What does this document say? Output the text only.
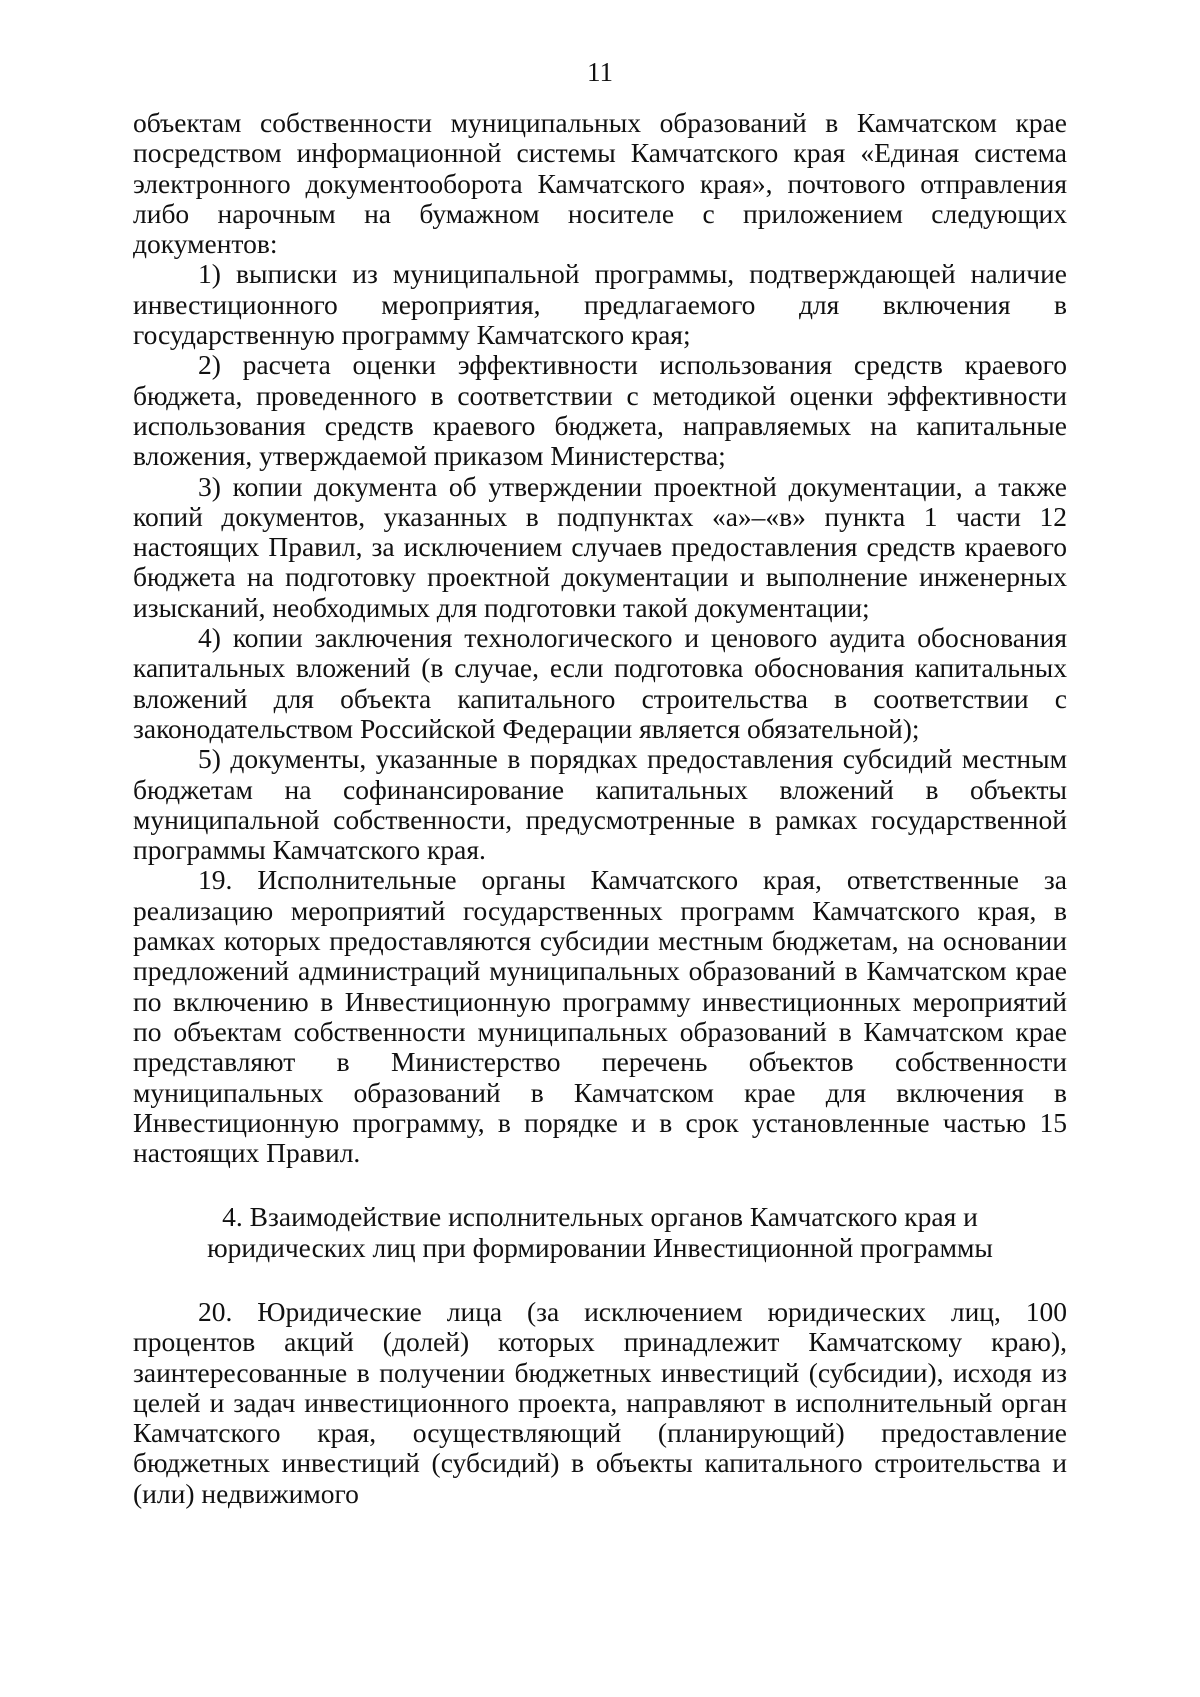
11

объектам собственности муниципальных образований в Камчатском крае посредством информационной системы Камчатского края «Единая система электронного документооборота Камчатского края», почтового отправления либо нарочным на бумажном носителе с приложением следующих документов:

1) выписки из муниципальной программы, подтверждающей наличие инвестиционного мероприятия, предлагаемого для включения в государственную программу Камчатского края;

2) расчета оценки эффективности использования средств краевого бюджета, проведенного в соответствии с методикой оценки эффективности использования средств краевого бюджета, направляемых на капитальные вложения, утверждаемой приказом Министерства;

3) копии документа об утверждении проектной документации, а также копий документов, указанных в подпунктах «а»–«в» пункта 1 части 12 настоящих Правил, за исключением случаев предоставления средств краевого бюджета на подготовку проектной документации и выполнение инженерных изысканий, необходимых для подготовки такой документации;

4) копии заключения технологического и ценового аудита обоснования капитальных вложений (в случае, если подготовка обоснования капитальных вложений для объекта капитального строительства в соответствии с законодательством Российской Федерации является обязательной);

5) документы, указанные в порядках предоставления субсидий местным бюджетам на софинансирование капитальных вложений в объекты муниципальной собственности, предусмотренные в рамках государственной программы Камчатского края.

19. Исполнительные органы Камчатского края, ответственные за реализацию мероприятий государственных программ Камчатского края, в рамках которых предоставляются субсидии местным бюджетам, на основании предложений администраций муниципальных образований в Камчатском крае по включению в Инвестиционную программу инвестиционных мероприятий по объектам собственности муниципальных образований в Камчатском крае представляют в Министерство перечень объектов собственности муниципальных образований в Камчатском крае для включения в Инвестиционную программу, в порядке и в срок установленные частью 15 настоящих Правил.

4. Взаимодействие исполнительных органов Камчатского края и юридических лиц при формировании Инвестиционной программы

20. Юридические лица (за исключением юридических лиц, 100 процентов акций (долей) которых принадлежит Камчатскому краю), заинтересованные в получении бюджетных инвестиций (субсидии), исходя из целей и задач инвестиционного проекта, направляют в исполнительный орган Камчатского края, осуществляющий (планирующий) предоставление бюджетных инвестиций (субсидий) в объекты капитального строительства и (или) недвижимого
